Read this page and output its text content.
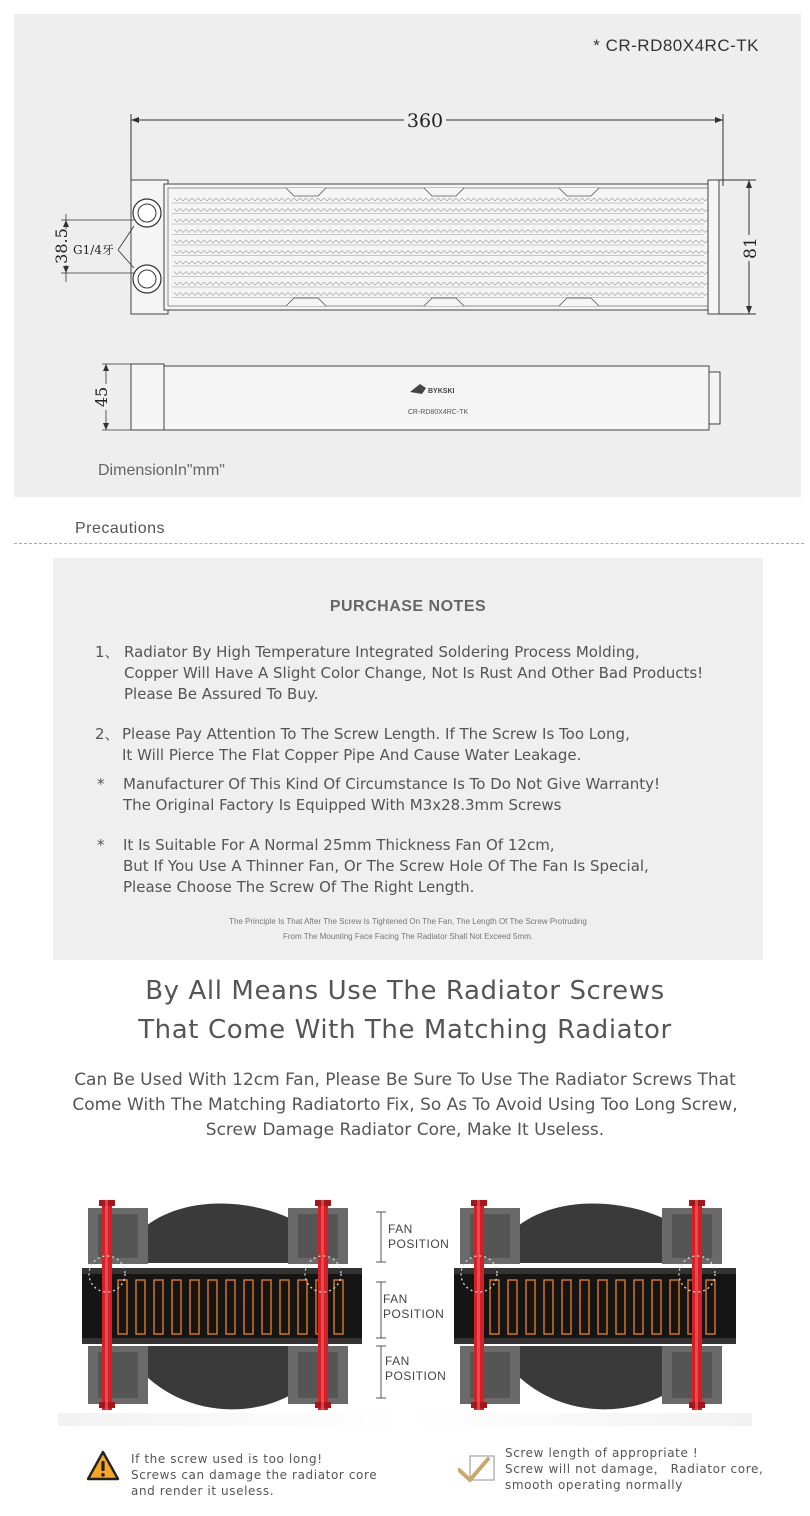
360
81
38.5 G1/4牙
45	BYKSKI
CR-RD80X4RC-TK
* CR-RD80X4RC-TK
DimensionIn"mm"
Precautions
PURCHASE NOTES
1、 Radiator By High Temperature Integrated Soldering Process Molding,
Copper Will Have A Slight Color Change, Not Is Rust And Other Bad Products!
Please Be Assured To Buy.
2、 Please Pay Attention To The Screw Length. If The Screw Is Too Long,
It Will Pierce The Flat Copper Pipe And Cause Water Leakage.
*	Manufacturer Of This Kind Of Circumstance Is To Do Not Give Warranty!
The Original Factory Is Equipped With M3x28.3mm Screws
*	It Is Suitable For A Normal 25mm Thickness Fan Of 12cm,
But If You Use A Thinner Fan, Or The Screw Hole Of The Fan Is Special,
Please Choose The Screw Of The Right Length.
The Principle Is That After The Screw Is Tightened On The Fan, The Length Of The Screw Protruding
From The Mounting Face Facing The Radiator Shall Not Exceed 5mm.
By All Means Use The Radiator Screws
That Come With The Matching Radiator
Can Be Used With 12cm Fan, Please Be Sure To Use The Radiator Screws That
Come With The Matching Radiatorto Fix, So As To Avoid Using Too Long Screw,
Screw Damage Radiator Core, Make It Useless.
FAN
POSITION
FAN
POSITION
FAN
POSITION
If the screw used is too long!
Screws can damage the radiator core
and render it useless.
Screw length of appropriate !
Screw will not damage， Radiator core,
smooth operating normally
